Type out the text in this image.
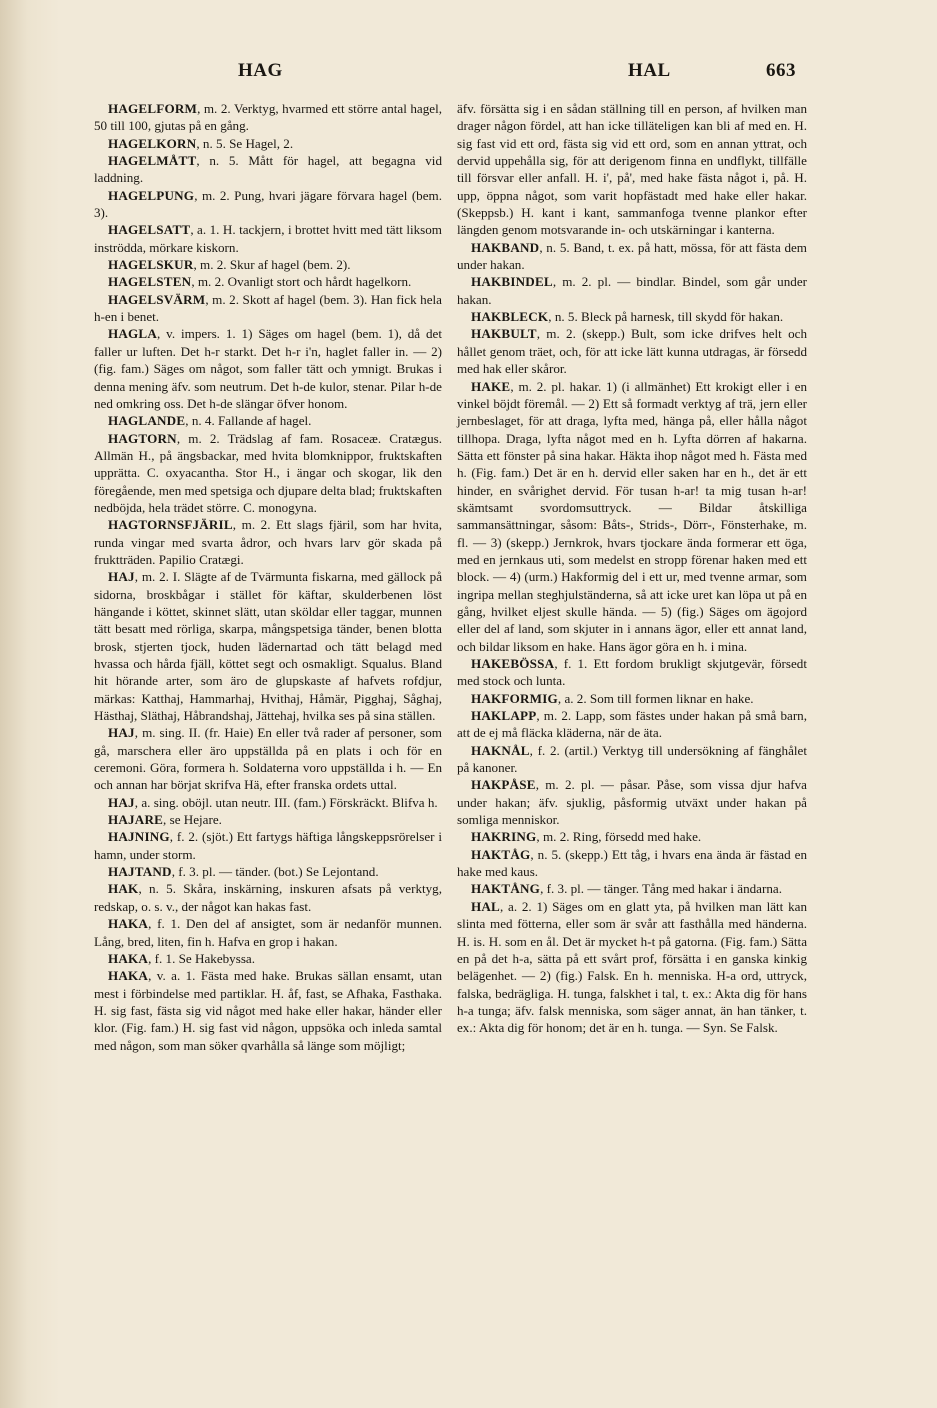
HAG	HAL	663

HAGELFORM, m. 2. Verktyg, hvarmed ett större antal hagel, 50 till 100, gjutas på en gång.

HAGELKORN, n. 5. Se Hagel, 2.

HAGELMÅTT, n. 5. Mått för hagel, att begagna vid laddning.

HAGELPUNG, m. 2. Pung, hvari jägare förvara hagel (bem. 3).

HAGELSATT, a. 1. H. tackjern, i brottet hvitt med tätt liksom inströdda, mörkare kiskorn.

HAGELSKUR, m. 2. Skur af hagel (bem. 2).

HAGELSTEN, m. 2. Ovanligt stort och hårdt hagelkorn.

HAGELSVÄRM, m. 2. Skott af hagel (bem. 3). Han fick hela h-en i benet.

HAGLA, v. impers. 1. 1) Säges om hagel (bem. 1), då det faller ur luften. Det h-r starkt. Det h-r i'n, haglet faller in. — 2) (fig. fam.) Säges om något, som faller tätt och ymnigt. Brukas i denna mening äfv. som neutrum. Det h-de kulor, stenar. Pilar h-de ned omkring oss. Det h-de slängar öfver honom.

HAGLANDE, n. 4. Fallande af hagel.

HAGTORN, m. 2. Trädslag af fam. Rosaceæ. Cratægus. Allmän H., på ängsbackar, med hvita blomknippor, fruktskaften upprätta. C. oxyacantha. Stor H., i ängar och skogar, lik den föregående, men med spetsiga och djupare delta blad; fruktskaften nedböjda, hela trädet större. C. monogyna.

HAGTORNSFJÄRIL, m. 2. Ett slags fjäril, som har hvita, runda vingar med svarta ådror, och hvars larv gör skada på fruktträden. Papilio Cratægi.

HAJ, m. 2. I. Slägte af de Tvärmunta fiskarna, med gällock på sidorna, broskbågar i stället för käftar, skulderbenen löst hängande i köttet, skinnet slätt, utan sköldar eller taggar, munnen tätt besatt med rörliga, skarpa, mångspetsiga tänder, benen blotta brosk, stjerten tjock, huden lädernartad och tätt belagd med hvassa och hårda fjäll, köttet segt och osmakligt. Squalus. Bland hit hörande arter, som äro de glupskaste af hafvets rofdjur, märkas: Katthaj, Hammarhaj, Hvithaj, Håmär, Pigghaj, Såghaj, Hästhaj, Släthaj, Håbrandshaj, Jättehaj, hvilka ses på sina ställen.

HAJ, m. sing. II. (fr. Haie) En eller två rader af personer, som gå, marschera eller äro uppställda på en plats i och för en ceremoni. Göra, formera h. Soldaterna voro uppställda i h. — En och annan har börjat skrifva Hä, efter franska ordets uttal.

HAJ, a. sing. oböjl. utan neutr. III. (fam.) Förskräckt. Blifva h.

HAJARE, se Hejare.

HAJNING, f. 2. (sjöt.) Ett fartygs häftiga långskeppsrörelser i hamn, under storm.

HAJTAND, f. 3. pl. — tänder. (bot.) Se Lejontand.

HAK, n. 5. Skåra, inskärning, inskuren afsats på verktyg, redskap, o. s. v., der något kan hakas fast.

HAKA, f. 1. Den del af ansigtet, som är nedanför munnen. Lång, bred, liten, fin h. Hafva en grop i hakan.

HAKA, f. 1. Se Hakebyssa.

HAKA, v. a. 1. Fästa med hake. Brukas sällan ensamt, utan mest i förbindelse med partiklar. H. åf, fast, se Afhaka, Fasthaka. H. sig fast, fästa sig vid något med hake eller hakar, händer eller klor. (Fig. fam.) H. sig fast vid någon, uppsöka och inleda samtal med någon, som man söker qvarhålla så länge som möjligt;

äfv. försätta sig i en sådan ställning till en person, af hvilken man drager någon fördel, att han icke tilläteligen kan bli af med en. H. sig fast vid ett ord, fästa sig vid ett ord, som en annan yttrat, och dervid uppehålla sig, för att derigenom finna en undflykt, tillfälle till försvar eller anfall. H. i', på', med hake fästa något i, på. H. upp, öppna något, som varit hopfästadt med hake eller hakar. (Skeppsb.) H. kant i kant, sammanfoga tvenne plankor efter längden genom motsvarande in- och utskärningar i kanterna.

HAKBAND, n. 5. Band, t. ex. på hatt, mössa, för att fästa dem under hakan.

HAKBINDEL, m. 2. pl. — bindlar. Bindel, som går under hakan.

HAKBLECK, n. 5. Bleck på harnesk, till skydd för hakan.

HAKBULT, m. 2. (skepp.) Bult, som icke drifves helt och hållet genom träet, och, för att icke lätt kunna utdragas, är försedd med hak eller skåror.

HAKE, m. 2. pl. hakar. 1) (i allmänhet) Ett krokigt eller i en vinkel böjdt föremål. — 2) Ett så formadt verktyg af trä, jern eller jernbeslaget, för att draga, lyfta med, hänga på, eller hålla något tillhopa. Draga, lyfta något med en h. Lyfta dörren af hakarna. Sätta ett fönster på sina hakar. Häkta ihop något med h. Fästa med h. (Fig. fam.) Det är en h. dervid eller saken har en h., det är ett hinder, en svårighet dervid. För tusan h-ar! ta mig tusan h-ar! skämtsamt svordomsuttryck. — Bildar åtskilliga sammansättningar, såsom: Båts-, Strids-, Dörr-, Fönsterhake, m. fl. — 3) (skepp.) Jernkrok, hvars tjockare ända formerar ett öga, med en jernkaus uti, som medelst en stropp förenar haken med ett block. — 4) (urm.) Hakformig del i ett ur, med tvenne armar, som ingripa mellan steghjulständerna, så att icke uret kan löpa ut på en gång, hvilket eljest skulle hända. — 5) (fig.) Säges om ägojord eller del af land, som skjuter in i annans ägor, eller ett annat land, och bildar liksom en hake. Hans ägor göra en h. i mina.

HAKEBÖSSA, f. 1. Ett fordom brukligt skjutgevär, försedt med stock och lunta.

HAKFORMIG, a. 2. Som till formen liknar en hake.

HAKLAPP, m. 2. Lapp, som fästes under hakan på små barn, att de ej må fläcka kläderna, när de äta.

HAKNÅL, f. 2. (artil.) Verktyg till undersökning af fänghålet på kanoner.

HAKPÅSE, m. 2. pl. — påsar. Påse, som vissa djur hafva under hakan; äfv. sjuklig, påsformig utväxt under hakan på somliga menniskor.

HAKRING, m. 2. Ring, försedd med hake.

HAKTÅG, n. 5. (skepp.) Ett tåg, i hvars ena ända är fästad en hake med kaus.

HAKTÅNG, f. 3. pl. — tänger. Tång med hakar i ändarna.

HAL, a. 2. 1) Säges om en glatt yta, på hvilken man lätt kan slinta med fötterna, eller som är svår att fasthålla med händerna. H. is. H. som en ål. Det är mycket h-t på gatorna. (Fig. fam.) Sätta en på det h-a, sätta på ett svårt prof, försätta i en ganska kinkig belägenhet. — 2) (fig.) Falsk. En h. menniska. H-a ord, uttryck, falska, bedrägliga. H. tunga, falskhet i tal, t. ex.: Akta dig för hans h-a tunga; äfv. falsk menniska, som säger annat, än han tänker, t. ex.: Akta dig för honom; det är en h. tunga. — Syn. Se Falsk.
